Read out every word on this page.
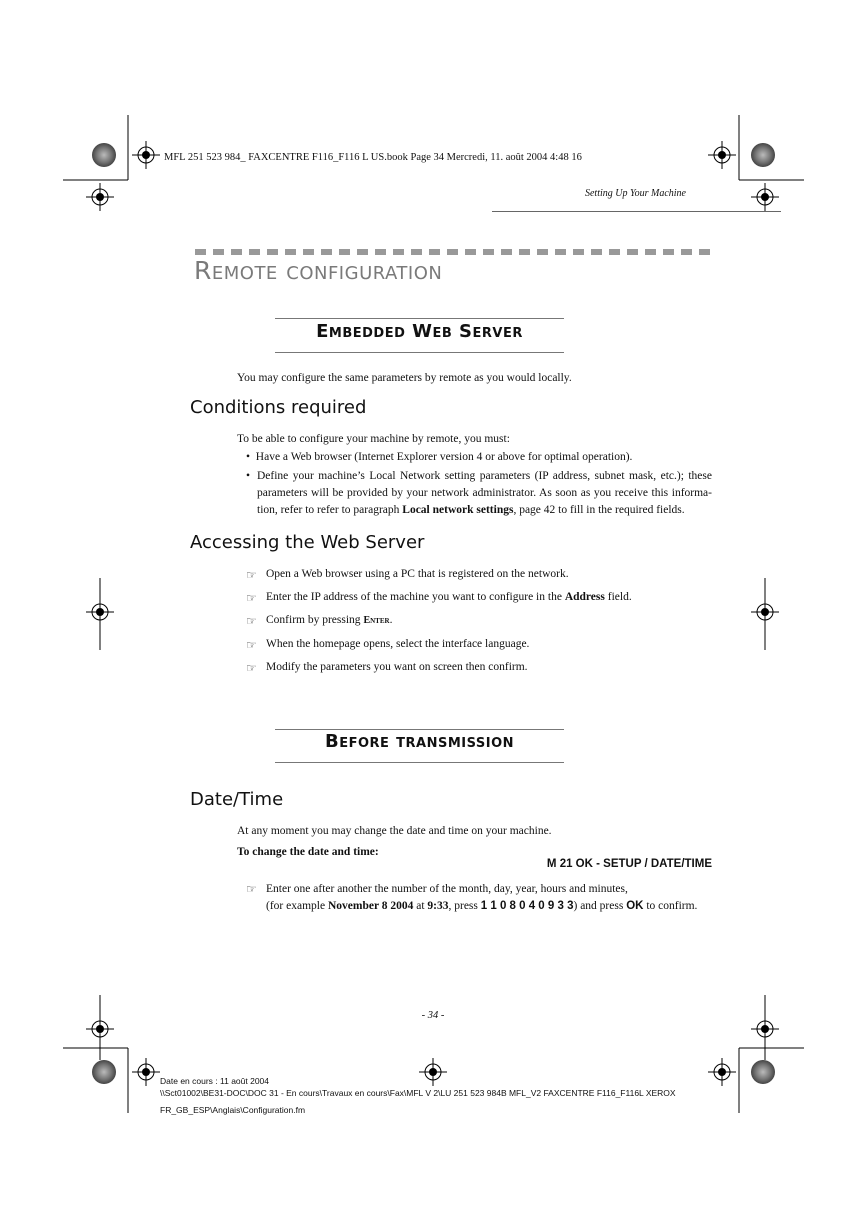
MFL 251 523 984_ FAXCENTRE F116_F116 L US.book Page 34 Mercredi, 11. août 2004 4:48 16
Setting Up Your Machine
Remote configuration
Embedded Web Server
You may configure the same parameters by remote as you would locally.
Conditions required
To be able to configure your machine by remote, you must:
•  Have a Web browser (Internet Explorer version 4 or above for optimal operation).
• Define your machine’s Local Network setting parameters (IP address, subnet mask, etc.); these
parameters will be provided by your network administrator. As soon as you receive this informa-
tion, refer to refer to paragraph Local network settings, page 42 to fill in the required fields.
Accessing the Web Server
☞ Open a Web browser using a PC that is registered on the network.
☞ Enter the IP address of the machine you want to configure in the Address field.
☞ Confirm by pressing Enter.
☞ When the homepage opens, select the interface language.
☞ Modify the parameters you want on screen then confirm.
Before transmission
Date/Time
At any moment you may change the date and time on your machine.
To change the date and time:
M 21 OK - SETUP / DATE/TIME
☞ Enter one after another the number of the month, day, year, hours and minutes,
(for example November 8 2004 at 9:33, press 1 1 0 8 0 4 0 9 3 3) and press OK to confirm.
- 34 -
Date en cours : 11 août 2004
\\Sct01002\BE31-DOC\DOC 31 - En cours\Travaux en cours\Fax\MFL V 2\LU 251 523 984B MFL_V2 FAXCENTRE F116_F116L XEROX
FR_GB_ESP\Anglais\Configuration.fm
